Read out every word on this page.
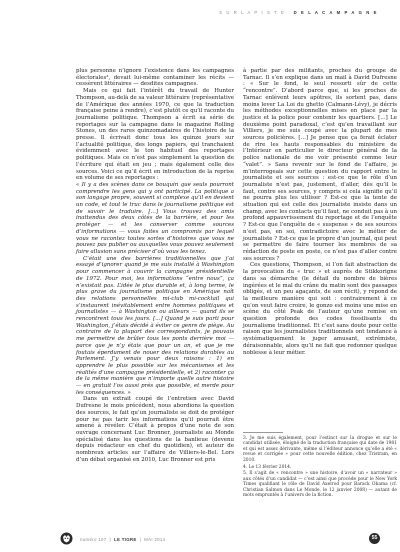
S U R L A P I S T E D E L A C A M P A G N E

plus personne n’ignore l’existence dans les campagnes électorales³, devait lui-même contaminer les récits — cessèrent littéraires — desdites campagnes.

Mais ce qui fait l’intérêt du travail de Hunter Thompson, au-delà de sa valeur littéraire (représentative de l’Amérique des années 1970, ce que la traduction française peine à rendre), c’est plutôt ce qu’il raconte du journalisme politique. Thompson a écrit sa série de reportages sur la campagne dans le magazine Rolling Stones, un des rares quinzomadaires de l’histoire de la presse. Il écrivait donc tous les quinze jours sur l’actualité politique, des longs papiers, qui tranchaient évidemment avec le ton habituel des reportages politiques. Mais ce n’est pas simplement la question de l’écriture qui était en jeu ; mais également celle des sources. Voici ce qu’il écrit en introduction de la reprise en volume de ses reportages :

« Il y a des scènes dans ce bouquin que seuls pourront comprendre les gens qui y ont participé. La politique a son langage propre, souvent si complexe qu’il en devient un code, et tout le truc dans le journalisme politique est de savoir le traduire. […] Vous trouvez des amis inattendus des deux côtés de la barrière, et pour les protéger — et les conserver comme sources d’informations — vous faites un compromis par lequel vous ne racontez toutes sortes d’histoires que vous ne pouvez pas publier ou auxquelles vous pouvez seulement faire allusion sans préciser d’où vous les tenez.

C’était une des barrières traditionnelles que j’ai essayé d’ignorer quand je me suis installé à Washington pour commencer à couvrir la campagne présidentielle de 1972. Pour moi, les informations “entre nous”, ça n’existait pas. L’idée le plus durable et, à long terme, le plus grave du journalisme politique en Amérique naît des relations personnelles mi-club mi-cocktail qui s’instaurent inévitablement entre hommes politiques et journalistes — à Washington ou ailleurs — quand ils se rencontrent tous les jours. […] Quand je suis parti pour Washington, j’étais décidé à éviter ce genre de piège. Au contraire de la plupart des correspondants, je pouvais me permettre de brûler tous les ponts derrière moi — parce que je n’y étais que pour un an, et que je me foutais éperdument de nouer des relations durables au Parlement. J’y venais pour deux raisons : 1) en apprendre le plus possible sur les mécanismes et les réalités d’une campagne présidentielle, et 2) raconter ça de la même manière que n’importe quelle autre histoire — en gratuit l’os aussi près que possible, et merde pour les conséquences. »

Dans un extrait coupé de l’entretien avec David Dufresne le mois précédent, nous abordions la question des sources, le fait qu’un journaliste se doit de protéger pour ne pas tarir les informations qu’il pourrait être amené à révéler. C’était à propos d’une note de son ouvrage concernant Luc Bronner, journaliste au Monde spécialisé dans les questions de la banlieue (devenu depuis rédacteur en chef du quotidien), et auteur de nombreux articles sur l’affaire de Villiers-le-Bel. Lors d’un débat organisé en 2010, Luc Bronner est pris

à partie par des militants, proches du groupe de Tarnac. Il s’en explique dans un mail à David Dufresne : « Sur le fond, le seul ressorti sûr de cette “rencontre”. D’abord parce que, si les proches de Tarnac enlèvent leurs apôtres, ils sortent pas, dans moins lever La Loi du ghetto (Calmann-Lévy), je décris les méthodes exceptionnelles mises en place par la justice et la police pour contenir les quartiers. […] Le deuxième point paradoxal, c’est qu’en travaillant sur Villiers, je me suis coupé avec la plupart de mes sources policières. […] Je pense que ça ferait éclater de rire les hauts responsables du ministère de l’Intérieur en particulier le directeur général de la police nationale de me voir présenté comme leur “valet”. » Sans revenir sur le fond de l’affaire, je m’interrogeais sur cette question du rapport entre le journaliste et ses sources : est-ce que le rôle d’un journaliste n’est pas, justement, d’aller, dès qu’il le faut, contre ses sources, y compris si cela signifie qu’il ne pourra plus les utiliser ? Est-ce que la tente de situation qui est celle des journaliste insiste dans un champ, avec les contacts qu’il faut, ne conduit pas à un profond appauvrissement du reportage et de l’enquête ? Est-ce que l’enquête de « suspense » de ses sources n’est pas, en soi, contradictoire avec le métier de journaliste ? Est-ce que le propre d’un journal, qui peut se permettre de faire tourner les membres de sa rédaction de poste en poste, ce n’est pas d’aller contre ses sources ?

Ces questions, Thompson, si l’on fait abstraction de la provocation du « truc » et auprès de Stikkorigne dans sa démarche (le détail du nombre de bières ingérées et le mal du crâne du matin sont des passages obligés, et un peu agaçants, de son récit), y répond de la meilleure manière qui soit : contrairement à ce qu’on veut faire croire, le gonzo est moins une mise en scène du côté Peak de l’auteur qu’une remise en question profonde des codes fossilisants du journalisme traditionnel. Et c’est sans doute pour cette raison que les journalistes traditionnels ont tendance à systématiquement le juger amusant, extrémiste, déraisonnable, alors qu’il ne fait que redonner quelque noblesse à leur métier.

3. Je me suis également, pour l’estinct sur la drogue et sur le candidat utilisée, éloigné de la traduction française qui date de 1981 et qui est assez dérivante, même si l’éditeur annonce qu’elle a été « revue et corrigée » pour cette nouvelle édition, chez Tristram, en 2010.

4. Le 13 février 2014.

5. Il s’agit de « rencontre » une histoire, d’avoir un « narrateur » aux côtés d’un candidat — c’est ainsi que procède pour le New York Times qualifiant le rôle de David Axelrod pour Barack Obama (cf. Christian Salmon dans Le Monde, le 12 janvier 2008) — autant de mots empruntés à l’univers de la fiction.

numéro 107  |  LE TIGRE  |  MAI 2014	55
